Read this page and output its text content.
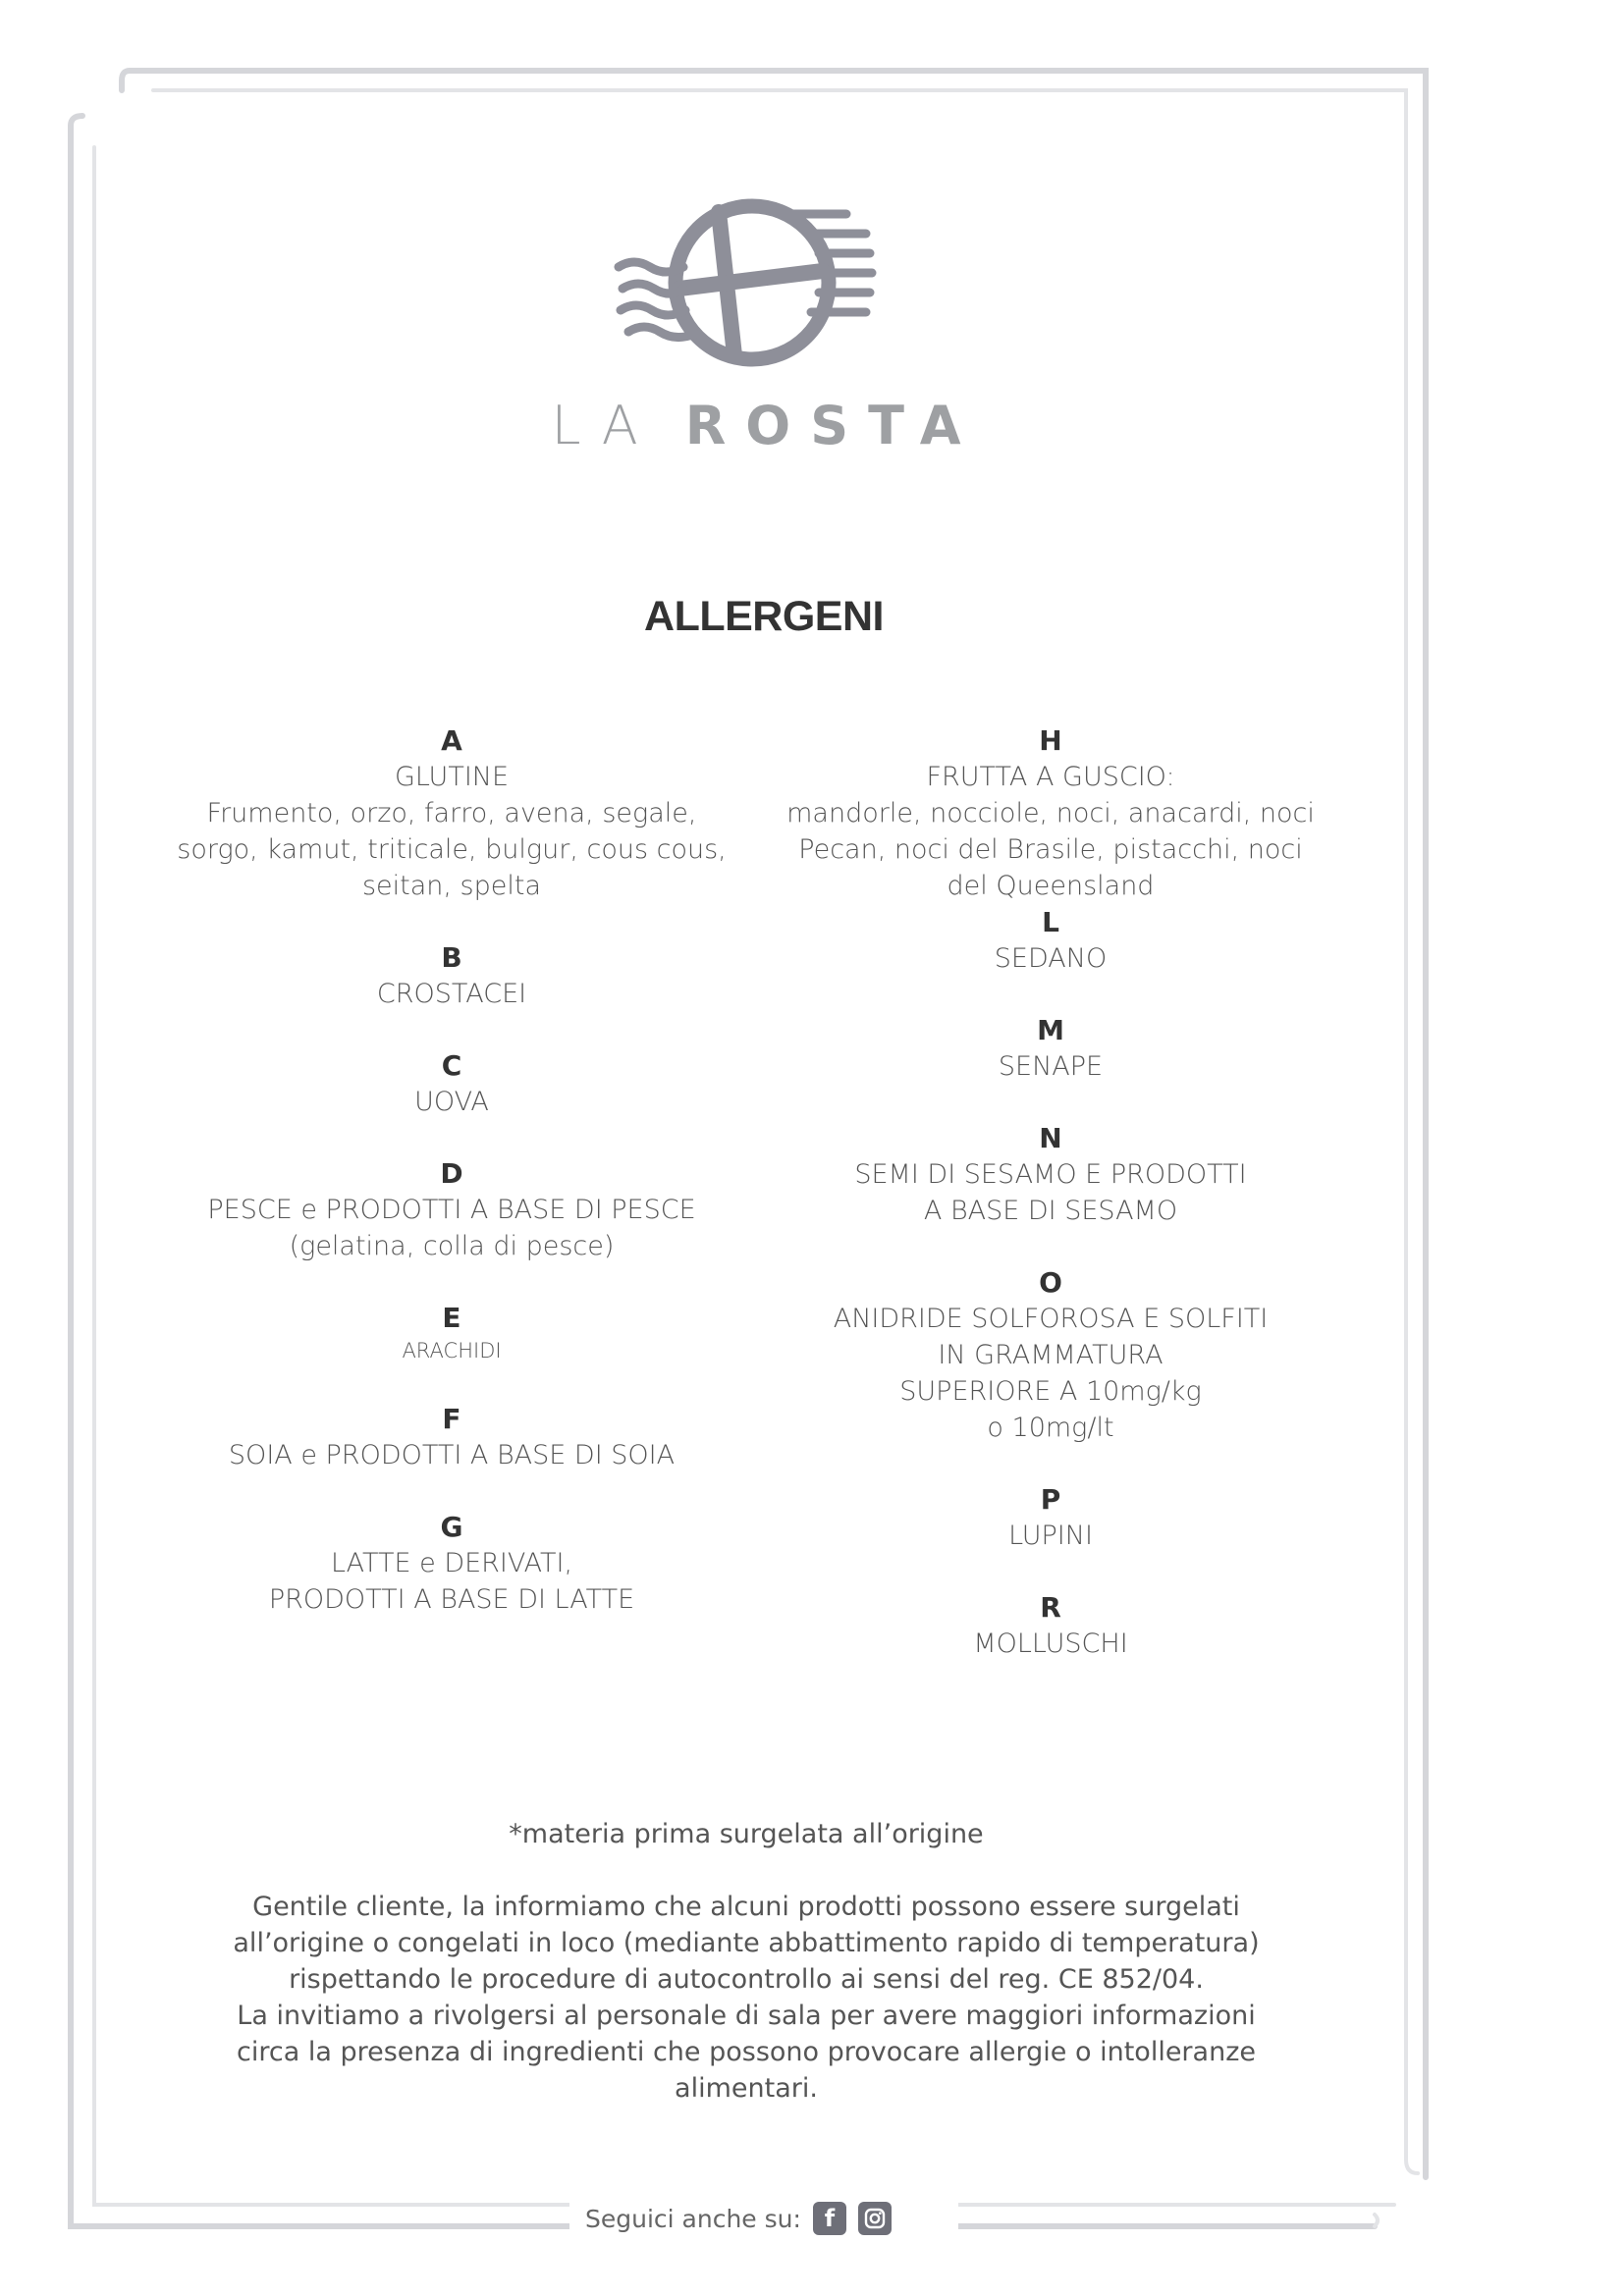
LA ROSTA
ALLERGENI
A
GLUTINE
Frumento, orzo, farro, avena, segale, sorgo, kamut, triticale, bulgur, cous cous, seitan, spelta
B
CROSTACEI
C
UOVA
D
PESCE e PRODOTTI A BASE DI PESCE
(gelatina, colla di pesce)
E
ARACHIDI
F
SOIA e PRODOTTI A BASE DI SOIA
G
LATTE e DERIVATI,
PRODOTTI A BASE DI LATTE
H
FRUTTA A GUSCIO:
mandorle, nocciole, noci, anacardi, noci Pecan, noci del Brasile, pistacchi, noci del Queensland
L
SEDANO
M
SENAPE
N
SEMI DI SESAMO E PRODOTTI
A BASE DI SESAMO
O
ANIDRIDE SOLFOROSA E SOLFITI
IN GRAMMATURA SUPERIORE A 10mg/kg o 10mg/lt
P
LUPINI
R
MOLLUSCHI

*materia prima surgelata all’origine

Gentile cliente, la informiamo che alcuni prodotti possono essere surgelati

all’origine o congelati in loco (mediante abbattimento rapido di temperatura)

rispettando le procedure di autocontrollo ai sensi del reg. CE 852/04.

La invitiamo a rivolgersi al personale di sala per avere maggiori informazioni

circa la presenza di ingredienti che possono provocare allergie o intolleranze

alimentari.

Seguici anche su: f
